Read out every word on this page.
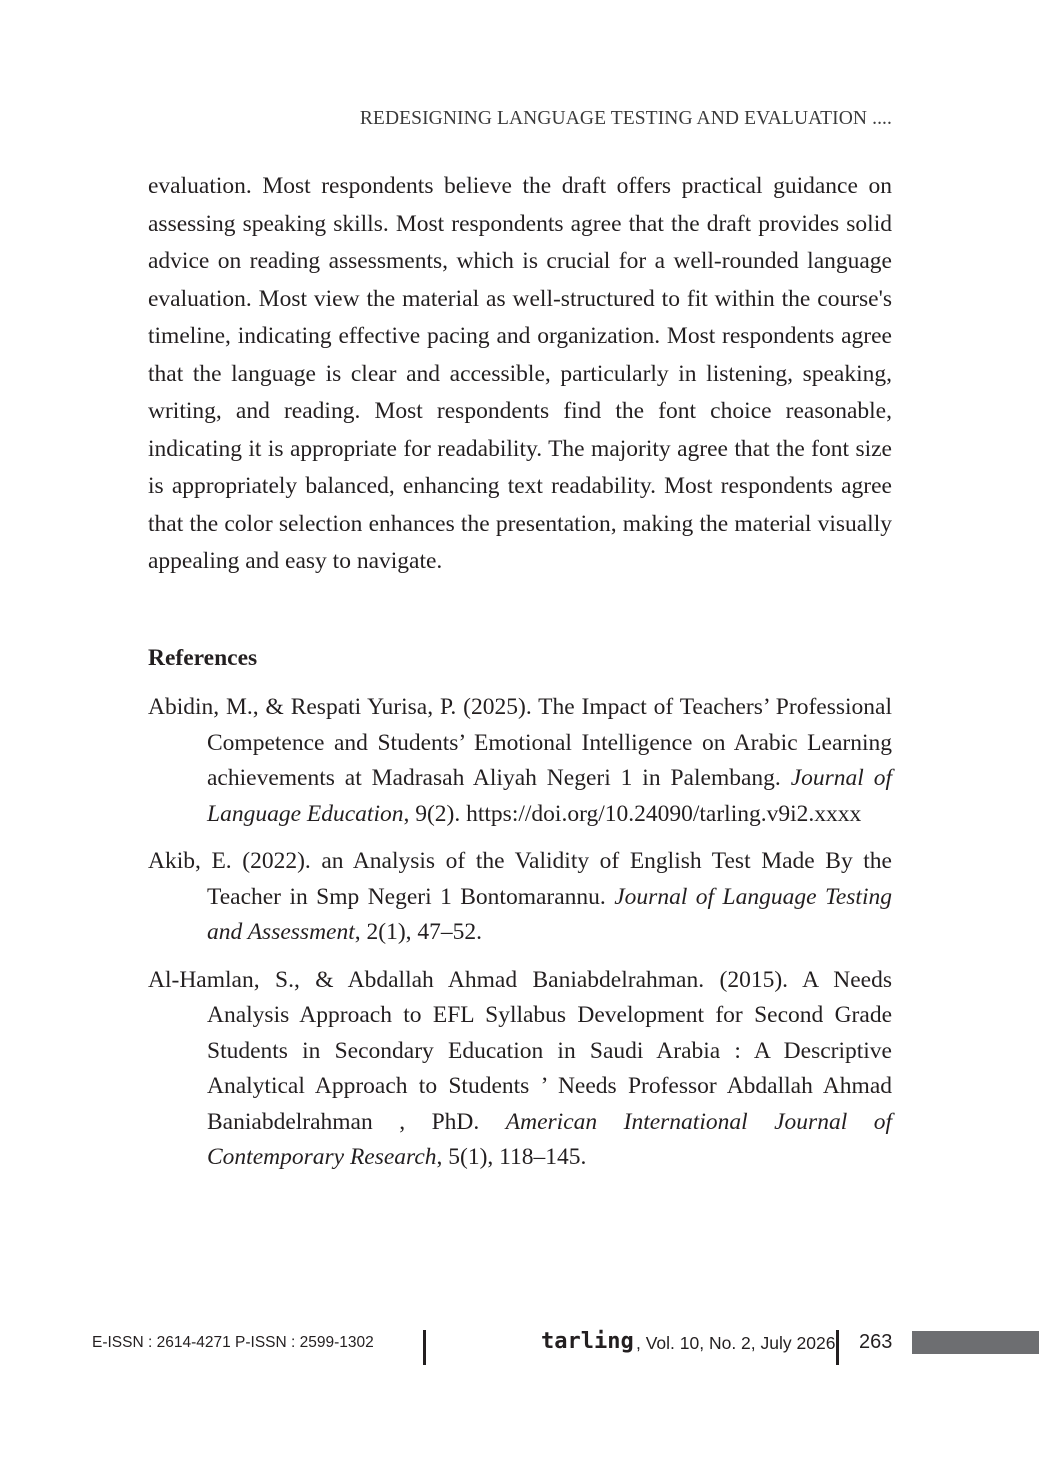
REDESIGNING LANGUAGE TESTING AND EVALUATION ....

evaluation. Most respondents believe the draft offers practical guidance on assessing speaking skills. Most respondents agree that the draft provides solid advice on reading assessments, which is crucial for a well-rounded language evaluation. Most view the material as well-structured to fit within the course's timeline, indicating effective pacing and organization. Most respondents agree that the language is clear and accessible, particularly in listening, speaking, writing, and reading. Most respondents find the font choice reasonable, indicating it is appropriate for readability. The majority agree that the font size is appropriately balanced, enhancing text readability. Most respondents agree that the color selection enhances the presentation, making the material visually appealing and easy to navigate.

References
Abidin, M., & Respati Yurisa, P. (2025). The Impact of Teachers’ Professional Competence and Students’ Emotional Intelligence on Arabic Learning achievements at Madrasah Aliyah Negeri 1 in Palembang. Journal of Language Education, 9(2). https://doi.org/10.24090/tarling.v9i2.xxxx
Akib, E. (2022). an Analysis of the Validity of English Test Made By the Teacher in Smp Negeri 1 Bontomarannu. Journal of Language Testing and Assessment, 2(1), 47–52.
Al-Hamlan, S., & Abdallah Ahmad Baniabdelrahman. (2015). A Needs Analysis Approach to EFL Syllabus Development for Second Grade Students in Secondary Education in Saudi Arabia : A Descriptive Analytical Approach to Students ’ Needs Professor Abdallah Ahmad Baniabdelrahman , PhD. American International Journal of Contemporary Research, 5(1), 118–145.
E-ISSN : 2614-4271 P-ISSN : 2599-1302	tarling , Vol. 10, No. 2, July 2026 263
